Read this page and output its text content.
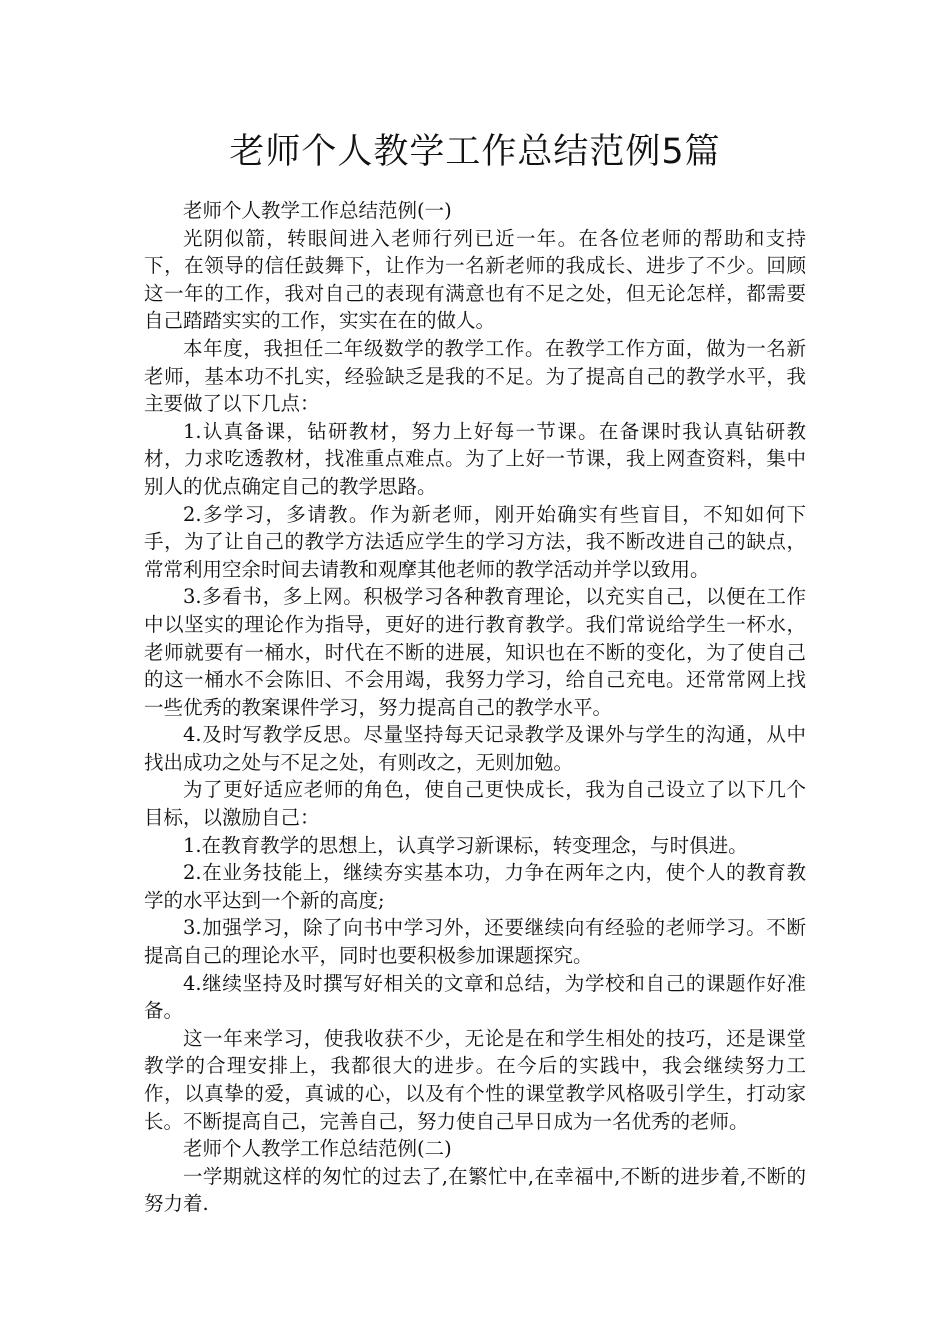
老师个人教学工作总结范例5篇

老师个人教学工作总结范例(一)

光阴似箭，转眼间进入老师行列已近一年。在各位老师的帮助和支持下，在领导的信任鼓舞下，让作为一名新老师的我成长、进步了不少。回顾这一年的工作，我对自己的表现有满意也有不足之处，但无论怎样，都需要自己踏踏实实的工作，实实在在的做人。

本年度，我担任二年级数学的教学工作。在教学工作方面，做为一名新老师，基本功不扎实，经验缺乏是我的不足。为了提高自己的教学水平，我主要做了以下几点：

1.认真备课，钻研教材，努力上好每一节课。在备课时我认真钻研教材，力求吃透教材，找准重点难点。为了上好一节课，我上网查资料，集中别人的优点确定自己的教学思路。

2.多学习，多请教。作为新老师，刚开始确实有些盲目，不知如何下手，为了让自己的教学方法适应学生的学习方法，我不断改进自己的缺点，常常利用空余时间去请教和观摩其他老师的教学活动并学以致用。

3.多看书，多上网。积极学习各种教育理论，以充实自己，以便在工作中以坚实的理论作为指导，更好的进行教育教学。我们常说给学生一杯水，老师就要有一桶水，时代在不断的进展，知识也在不断的变化，为了使自己的这一桶水不会陈旧、不会用竭，我努力学习，给自己充电。还常常网上找一些优秀的教案课件学习，努力提高自己的教学水平。

4.及时写教学反思。尽量坚持每天记录教学及课外与学生的沟通，从中找出成功之处与不足之处，有则改之，无则加勉。

为了更好适应老师的角色，使自己更快成长，我为自己设立了以下几个目标，以激励自己：

1.在教育教学的思想上，认真学习新课标，转变理念，与时俱进。

2.在业务技能上，继续夯实基本功，力争在两年之内，使个人的教育教学的水平达到一个新的高度;

3.加强学习，除了向书中学习外，还要继续向有经验的老师学习。不断提高自己的理论水平，同时也要积极参加课题探究。

4.继续坚持及时撰写好相关的文章和总结，为学校和自己的课题作好准备。

这一年来学习，使我收获不少，无论是在和学生相处的技巧，还是课堂教学的合理安排上，我都很大的进步。在今后的实践中，我会继续努力工作，以真挚的爱，真诚的心，以及有个性的课堂教学风格吸引学生，打动家长。不断提高自己，完善自己，努力使自己早日成为一名优秀的老师。

老师个人教学工作总结范例(二)

一学期就这样的匆忙的过去了,在繁忙中,在幸福中,不断的进步着,不断的努力着.
